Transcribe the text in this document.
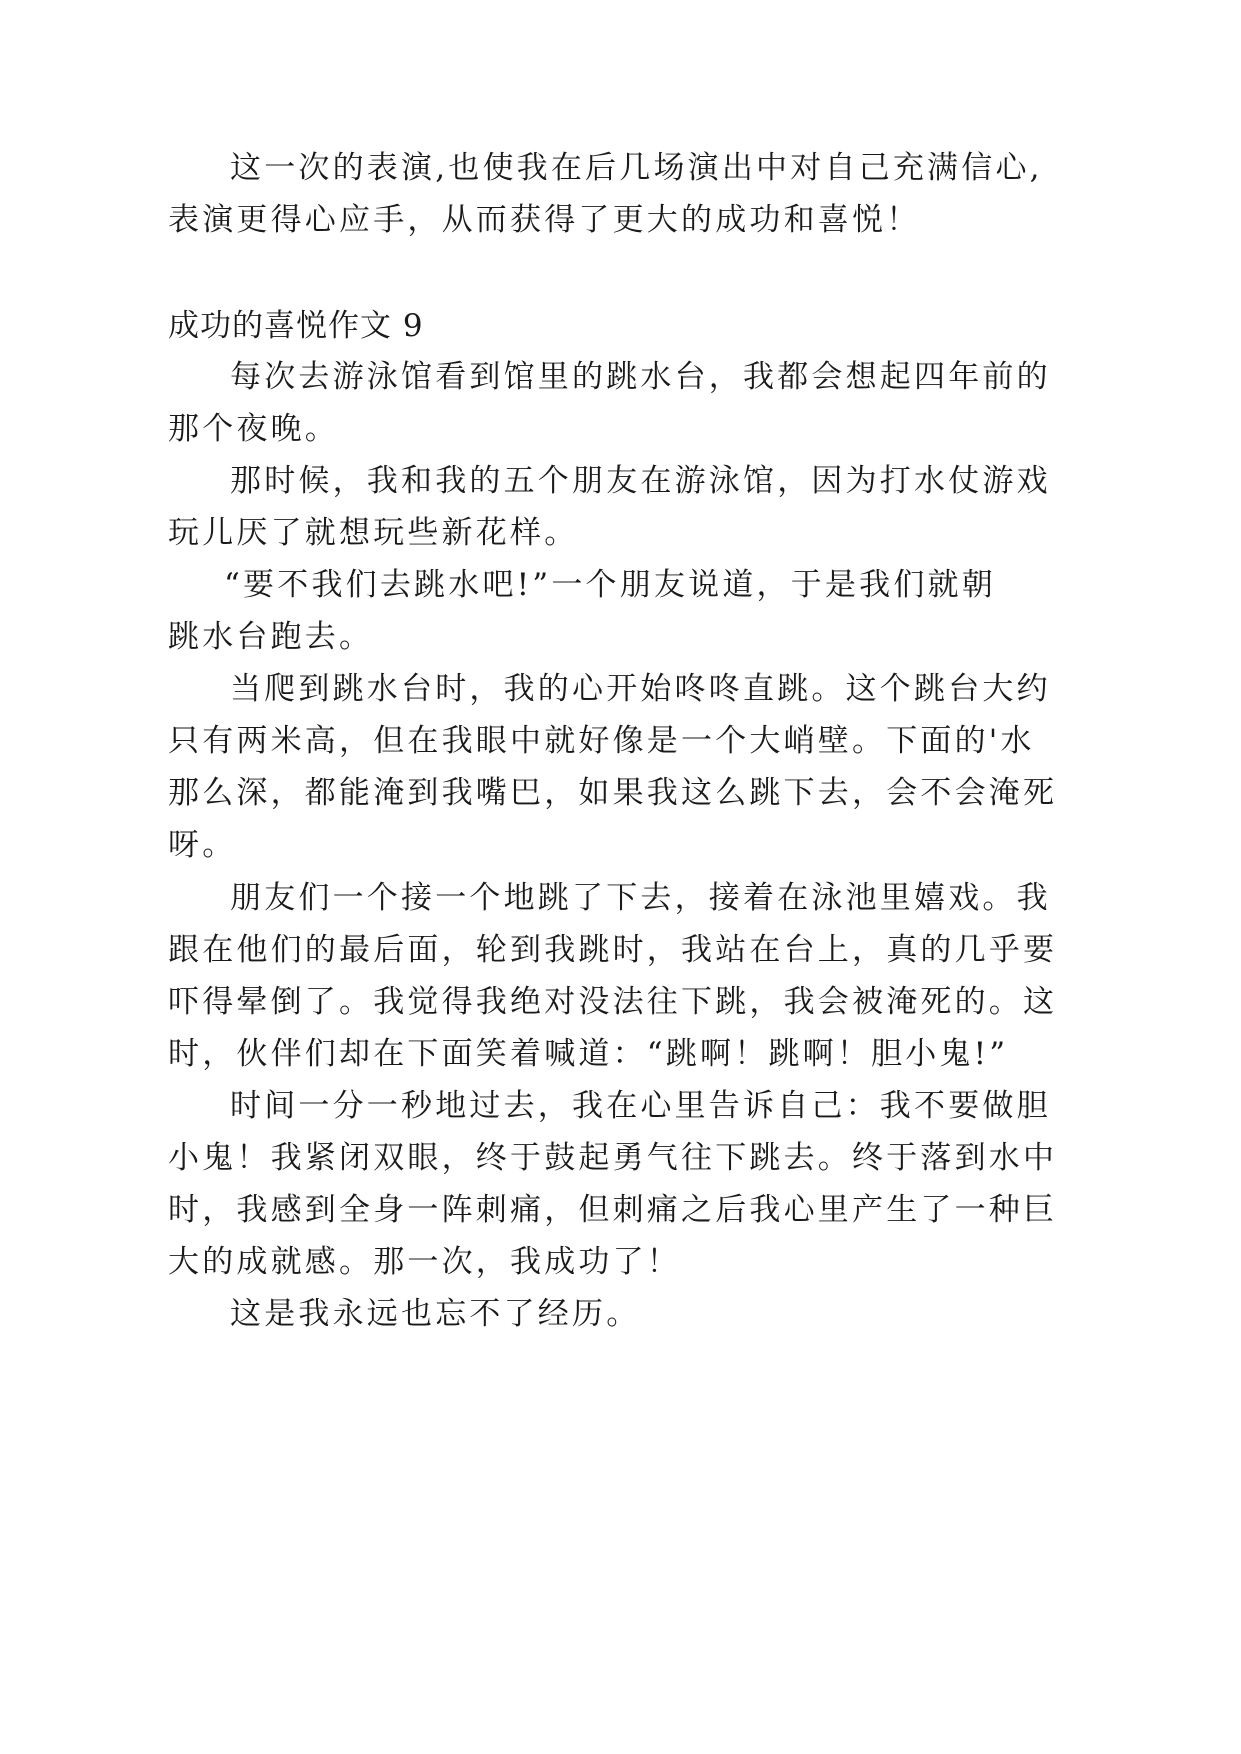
这一次的表演,也使我在后几场演出中对自己充满信心,
表演更得心应手，从而获得了更大的成功和喜悦！
成功的喜悦作文 9
每次去游泳馆看到馆里的跳水台，我都会想起四年前的
那个夜晚。
那时候，我和我的五个朋友在游泳馆，因为打水仗游戏
玩儿厌了就想玩些新花样。
“要不我们去跳水吧!”一个朋友说道，于是我们就朝
跳水台跑去。
当爬到跳水台时，我的心开始咚咚直跳。这个跳台大约
只有两米高，但在我眼中就好像是一个大峭壁。下面的'水
那么深，都能淹到我嘴巴，如果我这么跳下去，会不会淹死
呀。
朋友们一个接一个地跳了下去，接着在泳池里嬉戏。我
跟在他们的最后面，轮到我跳时，我站在台上，真的几乎要
吓得晕倒了。我觉得我绝对没法往下跳，我会被淹死的。这
时，伙伴们却在下面笑着喊道：“跳啊！跳啊！胆小鬼!”
时间一分一秒地过去，我在心里告诉自己：我不要做胆
小鬼！我紧闭双眼，终于鼓起勇气往下跳去。终于落到水中
时，我感到全身一阵刺痛，但刺痛之后我心里产生了一种巨
大的成就感。那一次，我成功了！
这是我永远也忘不了经历。
